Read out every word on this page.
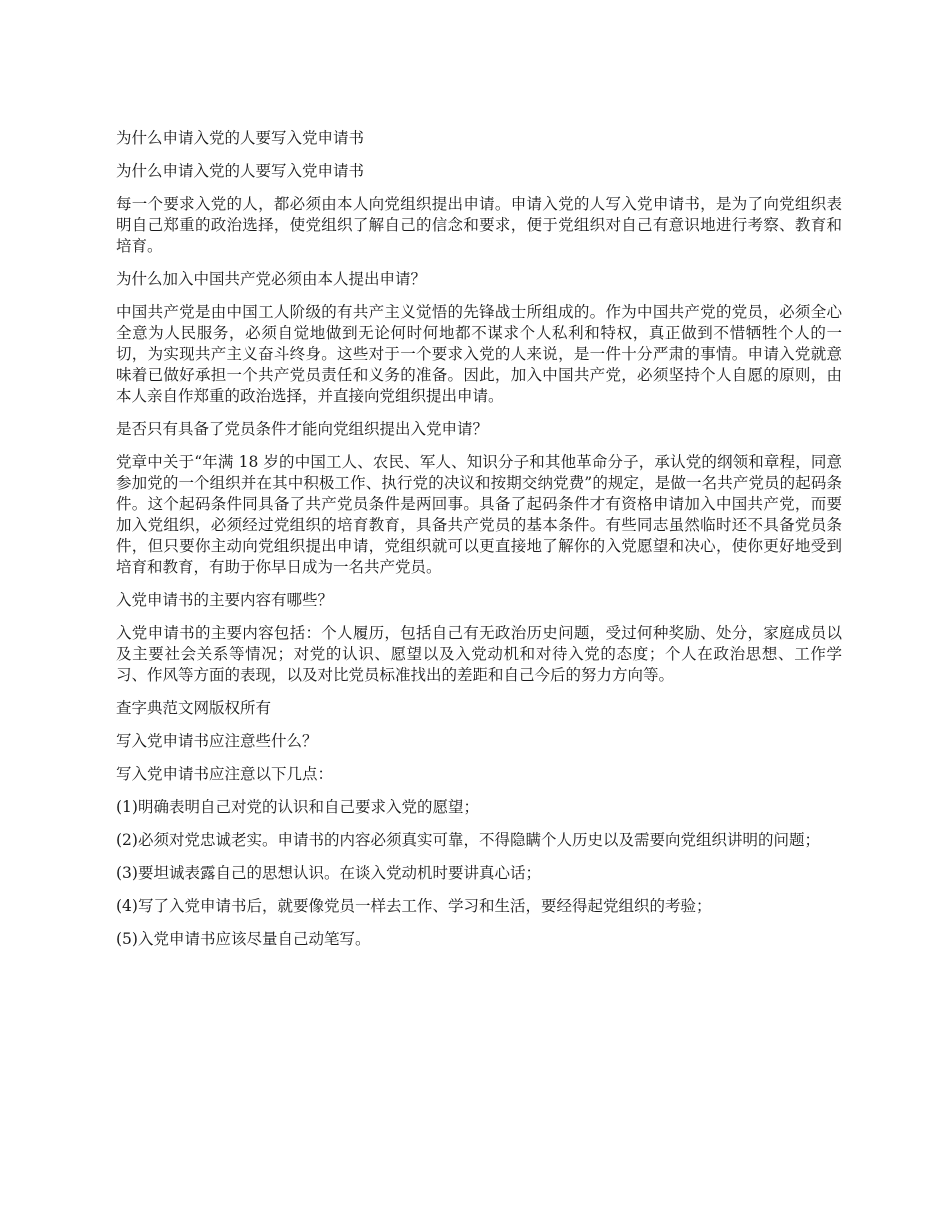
为什么申请入党的人要写入党申请书

为什么申请入党的人要写入党申请书

每一个要求入党的人，都必须由本人向党组织提出申请。申请入党的人写入党申请书，是为了向党组织表明自己郑重的政治选择，使党组织了解自己的信念和要求，便于党组织对自己有意识地进行考察、教育和培育。

为什么加入中国共产党必须由本人提出申请？

中国共产党是由中国工人阶级的有共产主义觉悟的先锋战士所组成的。作为中国共产党的党员，必须全心全意为人民服务，必须自觉地做到无论何时何地都不谋求个人私利和特权，真正做到不惜牺牲个人的一切，为实现共产主义奋斗终身。这些对于一个要求入党的人来说，是一件十分严肃的事情。申请入党就意味着已做好承担一个共产党员责任和义务的准备。因此，加入中国共产党，必须坚持个人自愿的原则，由本人亲自作郑重的政治选择，并直接向党组织提出申请。

是否只有具备了党员条件才能向党组织提出入党申请？

党章中关于“年满 18 岁的中国工人、农民、军人、知识分子和其他革命分子，承认党的纲领和章程，同意参加党的一个组织并在其中积极工作、执行党的决议和按期交纳党费”的规定，是做一名共产党员的起码条件。这个起码条件同具备了共产党员条件是两回事。具备了起码条件才有资格申请加入中国共产党，而要加入党组织，必须经过党组织的培育教育，具备共产党员的基本条件。有些同志虽然临时还不具备党员条件，但只要你主动向党组织提出申请，党组织就可以更直接地了解你的入党愿望和决心，使你更好地受到培育和教育，有助于你早日成为一名共产党员。

入党申请书的主要内容有哪些？

入党申请书的主要内容包括：个人履历，包括自己有无政治历史问题，受过何种奖励、处分，家庭成员以及主要社会关系等情况；对党的认识、愿望以及入党动机和对待入党的态度；个人在政治思想、工作学习、作风等方面的表现，以及对比党员标准找出的差距和自己今后的努力方向等。

查字典范文网版权所有

写入党申请书应注意些什么？

写入党申请书应注意以下几点：

(1)明确表明自己对党的认识和自己要求入党的愿望；

(2)必须对党忠诚老实。申请书的内容必须真实可靠，不得隐瞒个人历史以及需要向党组织讲明的问题；

(3)要坦诚表露自己的思想认识。在谈入党动机时要讲真心话；

(4)写了入党申请书后，就要像党员一样去工作、学习和生活，要经得起党组织的考验；

(5)入党申请书应该尽量自己动笔写。
